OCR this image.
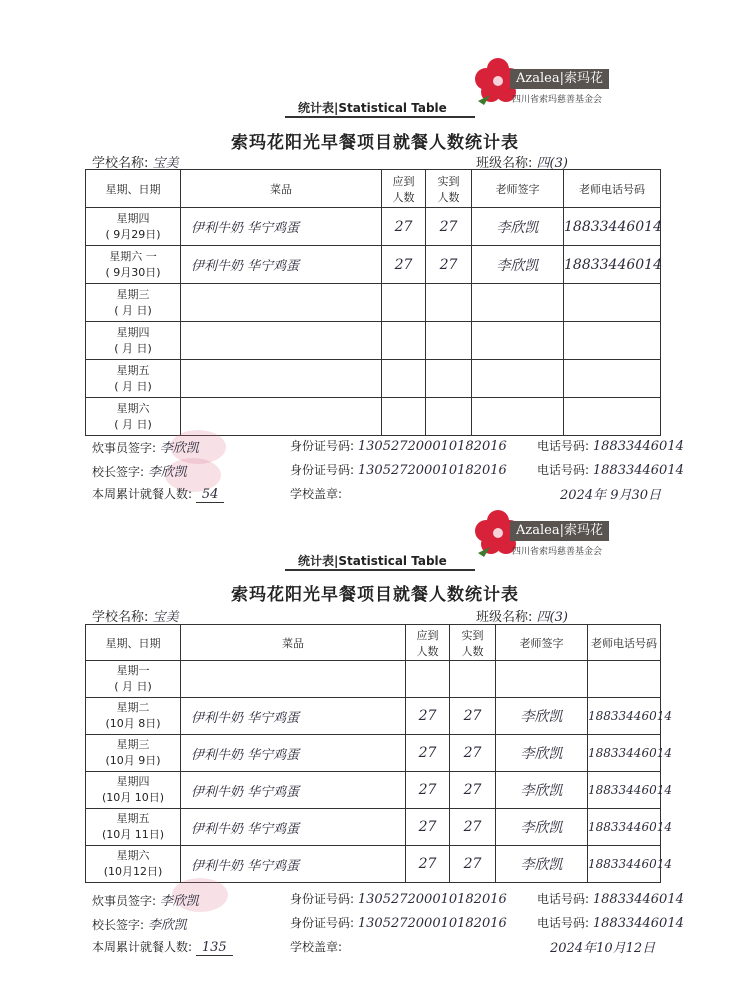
Azalea|索玛花
四川省索玛慈善基金会
统计表|Statistical Table
索玛花阳光早餐项目就餐人数统计表
学校名称: 宝美	班级名称: 四(3)
星期、日期	菜品	应到
人数	实到
人数	老师签字	老师电话号码
星期四
( 9月29日)	伊利牛奶 华宁鸡蛋	27	27	李欣凯	18833446014
星期六 一
( 9月30日)	伊利牛奶 华宁鸡蛋	27	27	李欣凯	18833446014
星期三
( 月 日)					
星期四
( 月 日)					
星期五
( 月 日)					
星期六
( 月 日)					
炊事员签字: 李欣凯	身份证号码: 130527200010182016	电话号码: 18833446014
校长签字: 李欣凯	身份证号码: 130527200010182016	电话号码: 18833446014
本周累计就餐人数: 54	学校盖章:	2024年 9月30日
Azalea|索玛花
四川省索玛慈善基金会
统计表|Statistical Table
索玛花阳光早餐项目就餐人数统计表
学校名称: 宝美	班级名称: 四(3)
星期、日期	菜品	应到
人数	实到
人数	老师签字	老师电话号码
星期一
( 月 日)					
星期二
(10月 8日)	伊利牛奶 华宁鸡蛋	27	27	李欣凯	18833446014
星期三
(10月 9日)	伊利牛奶 华宁鸡蛋	27	27	李欣凯	18833446014
星期四
(10月 10日)	伊利牛奶 华宁鸡蛋	27	27	李欣凯	18833446014
星期五
(10月 11日)	伊利牛奶 华宁鸡蛋	27	27	李欣凯	18833446014
星期六
(10月12日)	伊利牛奶 华宁鸡蛋	27	27	李欣凯	18833446014
炊事员签字: 李欣凯	身份证号码: 130527200010182016	电话号码: 18833446014
校长签字: 李欣凯	身份证号码: 130527200010182016	电话号码: 18833446014
本周累计就餐人数: 135	学校盖章:	2024年10月12日
